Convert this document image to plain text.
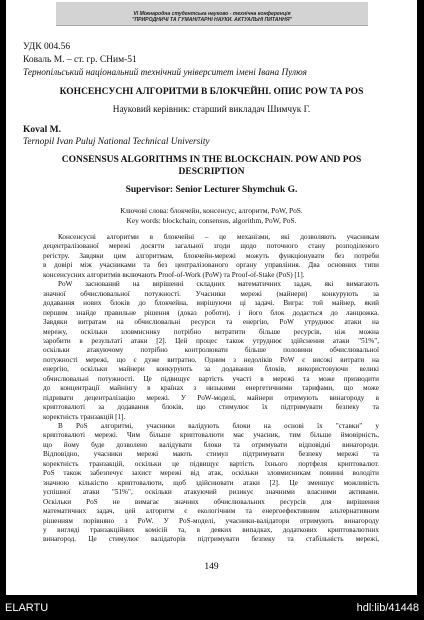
VI Міжнародна студентська науково - технічна конференція
"ПРИРОДНИЧІ ТА ГУМАНІТАРНІ НАУКИ. АКТУАЛЬНІ ПИТАННЯ"
УДК 004.56
Коваль М. – ст. гр. СНим-51
Тернопільський національний технічний університет імені Івана Пулюя
КОНСЕНСУСНІ АЛГОРИТМИ В БЛОКЧЕЙНІ. ОПИС POW ТА POS
Науковий керівник: старший викладач Шимчук Г.
Koval M.
Ternopil Ivan Puluj National Technical University
CONSENSUS ALGORITHMS IN THE BLOCKCHAIN. POW AND POS
DESCRIPTION
Supervisor: Senior Lecturer Shymchuk G.
Ключові слова: блокчейн, консенсус, алгоритм, PoW, PoS.
Key words: blockchain, consensus, algorithm, PoW, PoS.
Консенсусні алгоритми в блокчейні – це механізми, які дозволяють учасникам
децентралізованої мережі досягти загальної згоди щодо поточного стану розподіленого
регістру. Завдяки цим алгоритмам, блокчейн-мережі можуть функціонувати без потреби
в довірі між учасниками та без централізованого органу управління. Два основних типи
консенсусних алгоритмів включають Proof-of-Work (PoW) та Proof-of-Stake (PoS) [1].
PoW заснований на вирішенні складних математичних задач, які вимагають
значної обчислювальної потужності. Учасники мережі (майнери) конкурують за
додавання нових блоків до блокчейна, вирішуючи ці задачі. Вигра: той майнер, який
першим знайде правильне рішення (доказ роботи), і його блок додається до ланцюжка.
Завдяки витратам на обчислювальні ресурси та енергію, PoW утруднює атаки на
мережу, оскільки зловмиснику потрібно витратити більше ресурсів, ніж можна
заробити в результаті атаки [2]. Цей процес також утруднює здійснення атаки "51%",
оскільки атакуючому потрібно контролювати більше половини обчислювальної
потужності мережі, що є дуже витратно. Одним з недоліків PoW є високі витрати на
енергію, оскільки майнери конкурують за додавання блоків, використовуючи великі
обчислювальні потужності. Це підвищує вартість участі в мережі та може призводити
до концентрації майнінгу в країнах з низькими енергетичними тарифами, що може
підривати децентралізацію мережі. У PoW-моделі, майнери отримують винагороду в
криптовалюті за додавання блоків, що стимулює їх підтримувати безпеку та
коректність транзакцій [1].
В PoS алгоритмі, учасники валідують блоки на основі їх "ставки" у
криптовалюті мережі. Чим більше криптовалюти має учасник, тим більше ймовірність,
що йому буде дозволено валідувати блоки та отримувати відповідні винагороди.
Відповідно, учасники мережі мають стимул підтримувати безпеку мережі та
коректність транзакцій, оскільки це підвищує вартість їхнього портфеля криптовалют.
PoS також забезпечує захист мережі від атак, оскільки зловмисникам повинні володіти
значною кількістю криптовалюти, щоб здійснювати атаки [2]. Це зменшує можливість
успішної атаки "51%", оскільки атакуючий ризикує значними власними активами.
Оскільки PoS не вимагає значних обчислювальних ресурсів для вирішення
математичних задач, цей алгоритм є екологічним та енергоефективним альтернативним
рішенням порівняно з PoW. У PoS-моделі, учасники-валідатори отримують винагороду
у вигляді транзакційних комісій та, в деяких випадках, додаткових криптовалютних
винагород. Це стимулює валідаторів підтримувати безпеку та стабільність мережі,
149
ELARTU	hdl:lib/41448
